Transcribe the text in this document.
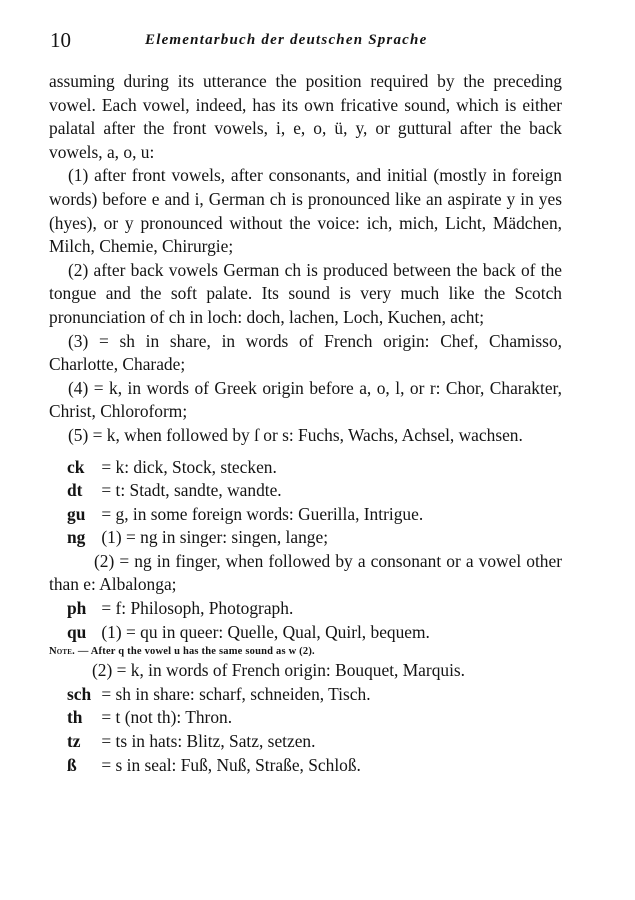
10	Elementarbuch der deutschen Sprache

assuming during its utterance the position required by the preceding vowel. Each vowel, indeed, has its own fricative sound, which is either palatal after the front vowels, i, e, o, ü, y, or guttural after the back vowels, a, o, u:

(1) after front vowels, after consonants, and initial (mostly in foreign words) before e and i, German ch is pronounced like an aspirate y in yes (hyes), or y pronounced without the voice: ich, mich, Licht, Mädchen, Milch, Chemie, Chirurgie;

(2) after back vowels German ch is produced between the back of the tongue and the soft palate. Its sound is very much like the Scotch pronunciation of ch in loch: doch, lachen, Loch, Kuchen, acht;

(3) = sh in share, in words of French origin: Chef, Chamisso, Charlotte, Charade;

(4) = k, in words of Greek origin before a, o, l, or r: Chor, Charakter, Christ, Chloroform;

(5) = k, when followed by ſ or s: Fuchs, Wachs, Achsel, wachsen.

ck = k: dick, Stock, stecken.

dt = t: Stadt, sandte, wandte.

gu = g, in some foreign words: Guerilla, Intrigue.

ng (1) = ng in singer: singen, lange;

(2) = ng in finger, when followed by a consonant or a vowel other than e: Albalonga;

ph = f: Philosoph, Photograph.

qu (1) = qu in queer: Quelle, Qual, Quirl, bequem.

Note. — After q the vowel u has the same sound as w (2).

(2) = k, in words of French origin: Bouquet, Marquis.

sch = sh in share: scharf, schneiden, Tisch.

th = t (not th): Thron.

tz = ts in hats: Blitz, Satz, setzen.

ß = s in seal: Fuß, Nuß, Straße, Schloß.
